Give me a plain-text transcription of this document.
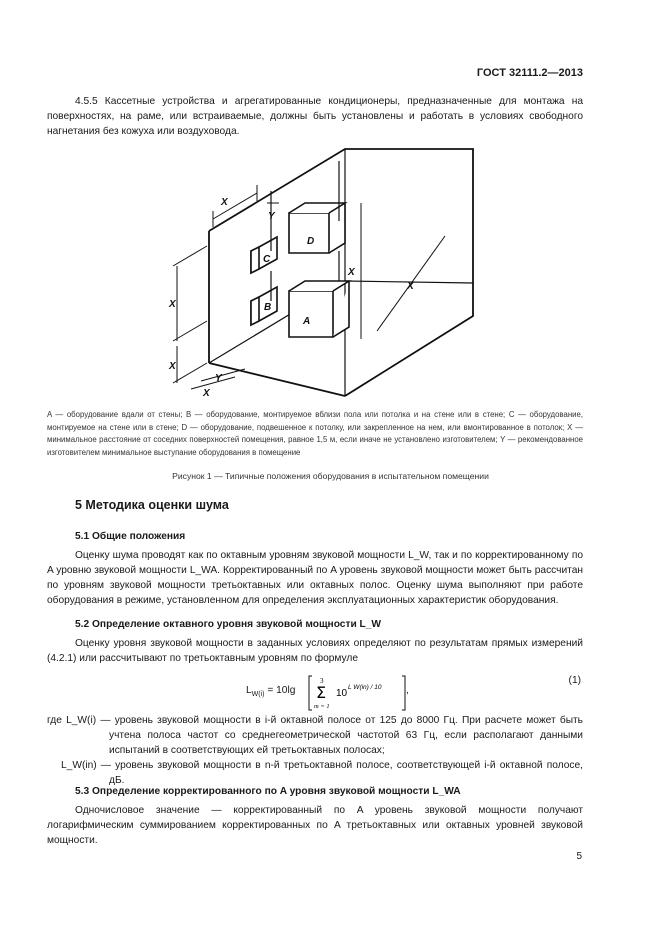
ГОСТ 32111.2—2013
4.5.5 Кассетные устройства и агрегатированные кондиционеры, предназначенные для монтажа на поверхностях, на раме, или встраиваемые, должны быть установлены и работать в условиях свободного нагнетания без кожуха или воздуховода.
D
A
C
B
X
Y
X
X
X
X
Y
X
A — оборудование вдали от стены; B — оборудование, монтируемое вблизи пола или потолка и на стене или в стене; C — оборудование, монтируемое на стене или в стене; D — оборудование, подвешенное к потолку, или закрепленное на нем, или вмонтированное в потолок; X — минимальное расстояние от соседних поверхностей помещения, равное 1,5 м, если иначе не установлено изготовителем; Y — рекомендованное изготовителем минимальное выступание оборудования в помещение
Рисунок 1 — Типичные положения оборудования в испытательном помещении
5 Методика оценки шума
5.1 Общие положения
Оценку шума проводят как по октавным уровням звуковой мощности L_W, так и по корректированному по A уровню звуковой мощности L_WA. Корректированный по A уровень звуковой мощности может быть рассчитан по уровням звуковой мощности третьоктавных или октавных полос. Оценку шума выполняют при работе оборудования в режиме, установленном для определения эксплуатационных характеристик оборудования.
5.2 Определение октавного уровня звуковой мощности L_W
Оценку уровня звуковой мощности в заданных условиях определяют по результатам прямых измерений (4.2.1) или рассчитывают по третьоктавным уровням по формуле
$L_{W(i)} = 10\lg$
3
Σ
m = 1
10
L W(in) / 10 ,
(1)
где L_W(i) — уровень звуковой мощности в i-й октавной полосе от 125 до 8000 Гц. При расчете может быть учтена полоса частот со среднегеометрической частотой 63 Гц, если располагают данными испытаний в соответствующих ей третьоктавных полосах;
L_W(in) — уровень звуковой мощности в n-й третьоктавной полосе, соответствующей i-й октавной полосе, дБ.
5.3 Определение корректированного по A уровня звуковой мощности L_WA
Одночисловое значение — корректированный по A уровень звуковой мощности получают логарифмическим суммированием корректированных по A третьоктавных или октавных уровней звуковой мощности.
5
